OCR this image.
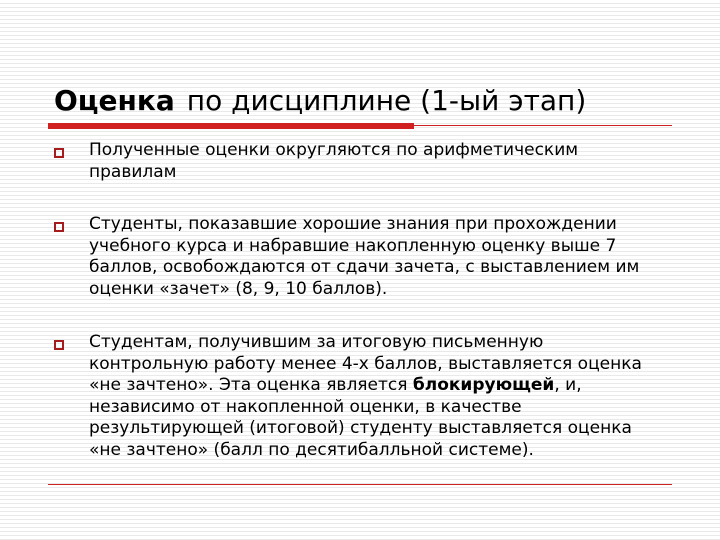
Оценка по дисциплине (1-ый этап)
Полученные оценки округляются по арифметическим
правилам
Студенты, показавшие хорошие знания при прохождении
учебного курса и набравшие накопленную оценку выше 7
баллов, освобождаются от сдачи зачета, с выставлением им
оценки «зачет» (8, 9, 10 баллов).
Студентам, получившим за итоговую письменную
контрольную работу менее 4-х баллов, выставляется оценка
«не зачтено». Эта оценка является блокирующей, и,
независимо от накопленной оценки, в качестве
результирующей (итоговой) студенту выставляется оценка
«не зачтено» (балл по десятибалльной системе).
